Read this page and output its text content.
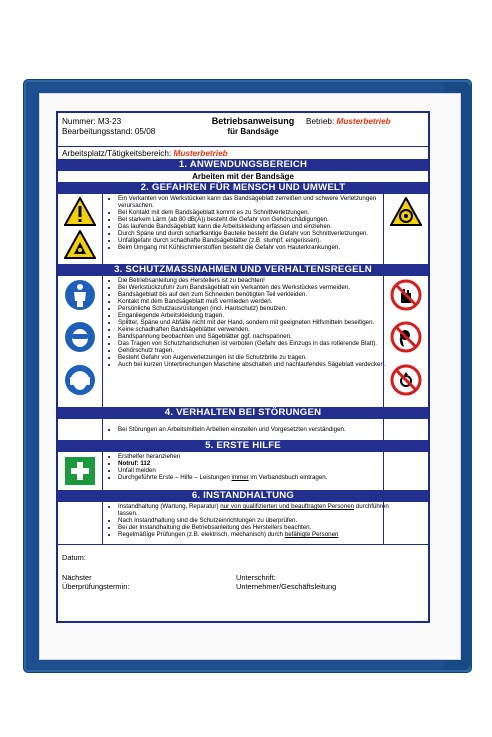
Nummer: M3-23
Bearbeitungsstand: 05/08
Betriebsanweisung
für Bandsäge
Betrieb: Musterbetrieb
Arbeitsplatz/Tätigkeitsbereich: Musterbetrieb
1. ANWENDUNGSBEREICH
Arbeiten mit der Bandsäge
2. GEFAHREN FÜR MENSCH UND UMWELT
• Ein Verkanten von Werkstücken kann das Bandsägeblatt zerreißen und schwere Verletzungen verursachen.
• Bei Kontakt mit dem Bandsägeblatt kommt es zu Schnittverletzungen.
• Bei starkem Lärm (ab 80 dB(A)) besteht die Gefahr von Gehörschädigungen.
• Das laufende Bandsägeblatt kann die Arbeitskleidung erfassen und einziehen.
• Durch Späne und durch scharfkantige Bauteile besteht die Gefahr von Schnittverletzungen.
• Unfallgefahr durch schadhafte Bandsägeblätter (z.B. stumpf; eingerissen).
• Beim Umgang mit Kühlschmierstoffen besteht die Gefahr von Hauterkrankungen.
3. SCHUTZMASSNAHMEN UND VERHALTENSREGELN
• Die Betriebsanleitung des Herstellers ist zu beachten!
• Bei Werkstückzufuhr zum Bandsägeblatt ein Verkanten des Werkstückes vermeiden,
• Bandsägeblatt bis auf den zum Schneiden benötigten Teil verkleiden.
• Kontakt mit dem Bandsägeblatt muß vermieden werden.
• Persönliche Schutzausrüstungen (incl. Hautschutz) benutzen.
• Enganliegende Arbeitskleidung tragen.
• Splitter, Späne und Abfälle nicht mit der Hand, sondern mit geeigneten Hilfsmitteln beseitigen.
• Keine schadhaften Bandsägeblätter verwenden.
• Bandspannung beobachten und Sägeblätter ggf. nachspannen.
• Das Tragen von Schutzhandschuhen ist verboten (Gefahr des Einzugs in das rotierende Blatt).
• Gehörschutz tragen.
• Besteht Gefahr von Augenverletzungen ist die Schutzbrille zu tragen.
• Auch bei kurzen Unterbrechungen Maschine abschalten und nachlaufendes Sägeblatt verdecken.
4. VERHALTEN BEI STÖRUNGEN
• Bei Störungen an Arbeitsmitteln Arbeiten einstellen und Vorgesetzten verständigen.
5. ERSTE HILFE
• Ersthelfer heranziehen
• Notruf: 112
• Unfall melden
• Durchgeführte Erste – Hilfe – Leistungen immer im Verbandsbuch eintragen.
6. INSTANDHALTUNG
• Instandhaltung (Wartung, Reparatur) nur von qualifizierten und beauftragten Personen durchführen lassen.
• Nach Instandhaltung sind die Schutzeinrichtungen zu überprüfen.
• Bei der Instandhaltung die Betriebsanleitung des Herstellers beachten.
• Regelmäßige Prüfungen (z.B. elektrisch, mechanisch) durch befähigte Personen
Datum:
Nächster
Überprüfungstermin:
Unterschrift:
Unternehmer/Geschäftsleitung
